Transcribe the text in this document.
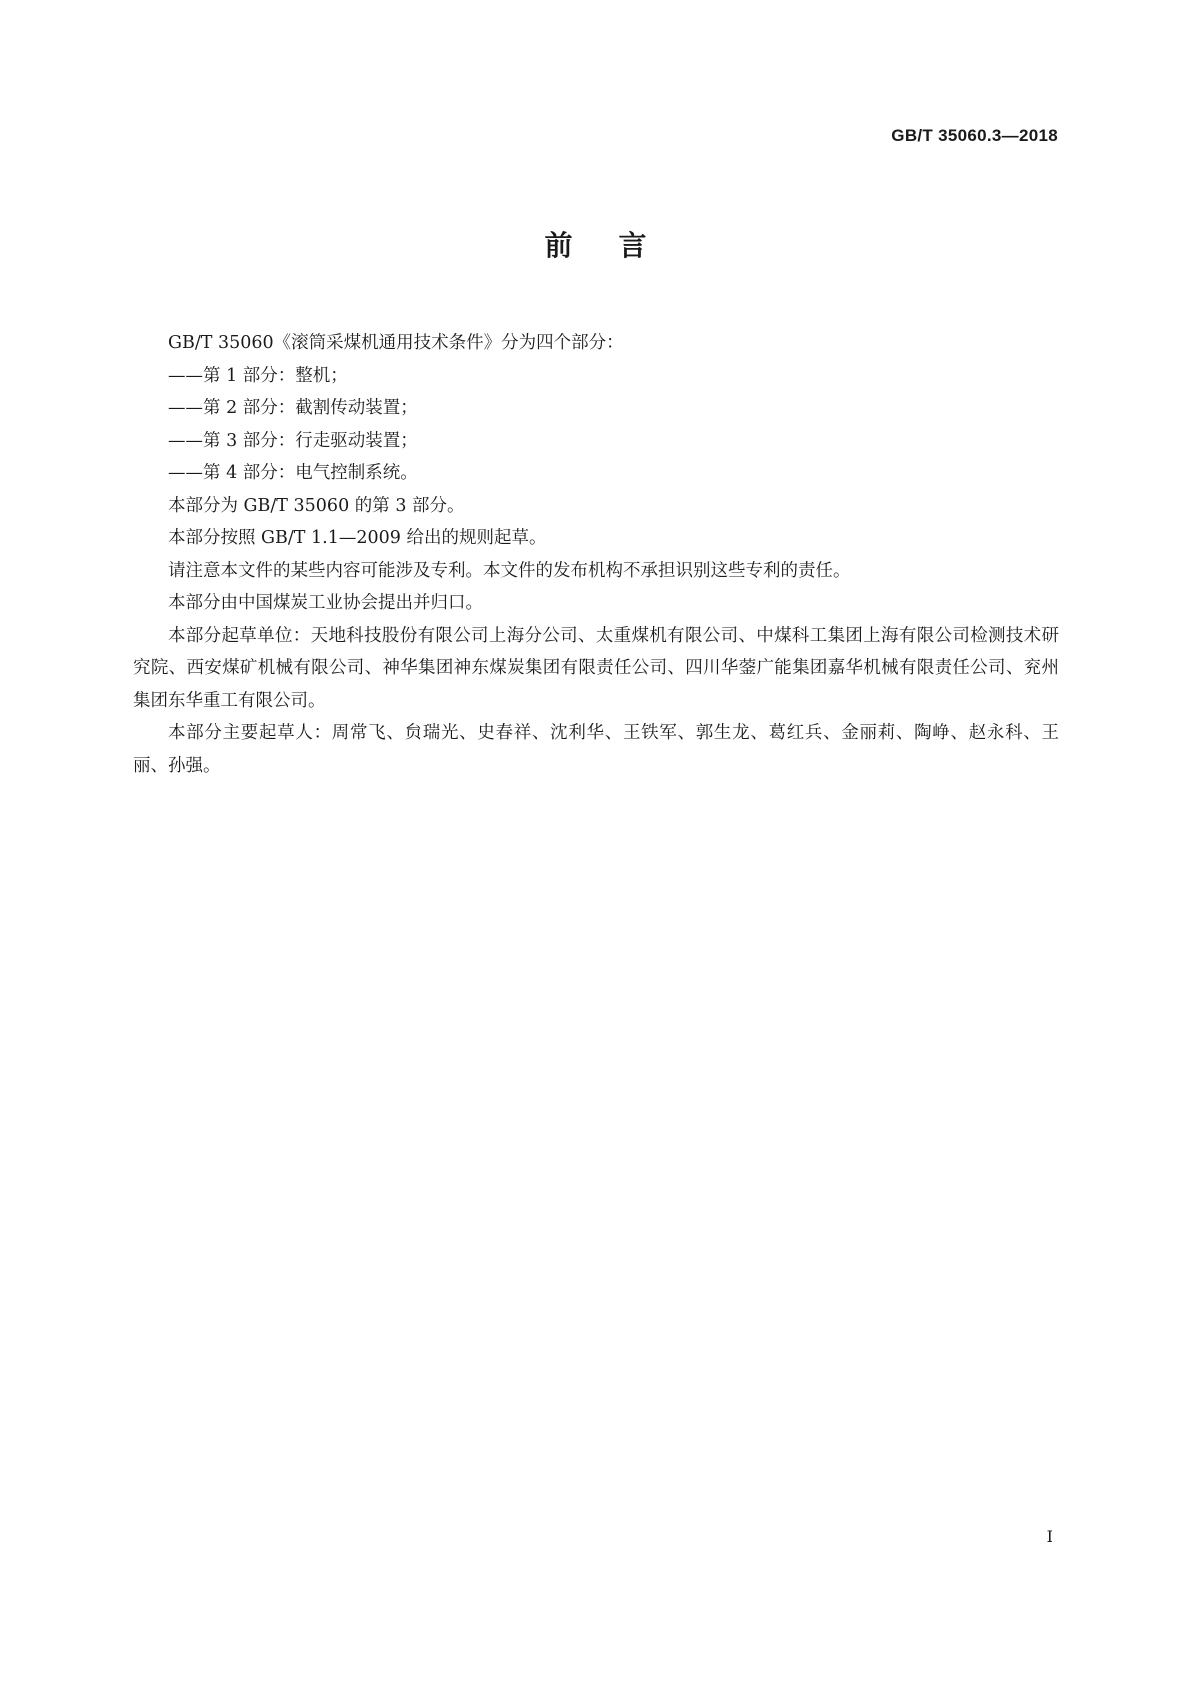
GB/T 35060.3—2018
前言

GB/T 35060《滚筒采煤机通用技术条件》分为四个部分：

——第 1 部分：整机；

——第 2 部分：截割传动装置；

——第 3 部分：行走驱动装置；

——第 4 部分：电气控制系统。

本部分为 GB/T 35060 的第 3 部分。

本部分按照 GB/T 1.1—2009 给出的规则起草。

请注意本文件的某些内容可能涉及专利。本文件的发布机构不承担识别这些专利的责任。

本部分由中国煤炭工业协会提出并归口。

本部分起草单位：天地科技股份有限公司上海分公司、太重煤机有限公司、中煤科工集团上海有限公司检测技术研究院、西安煤矿机械有限公司、神华集团神东煤炭集团有限责任公司、四川华蓥广能集团嘉华机械有限责任公司、兖州集团东华重工有限公司。

本部分主要起草人：周常飞、贠瑞光、史春祥、沈利华、王铁军、郭生龙、葛红兵、金丽莉、陶峥、赵永科、王丽、孙强。

I
